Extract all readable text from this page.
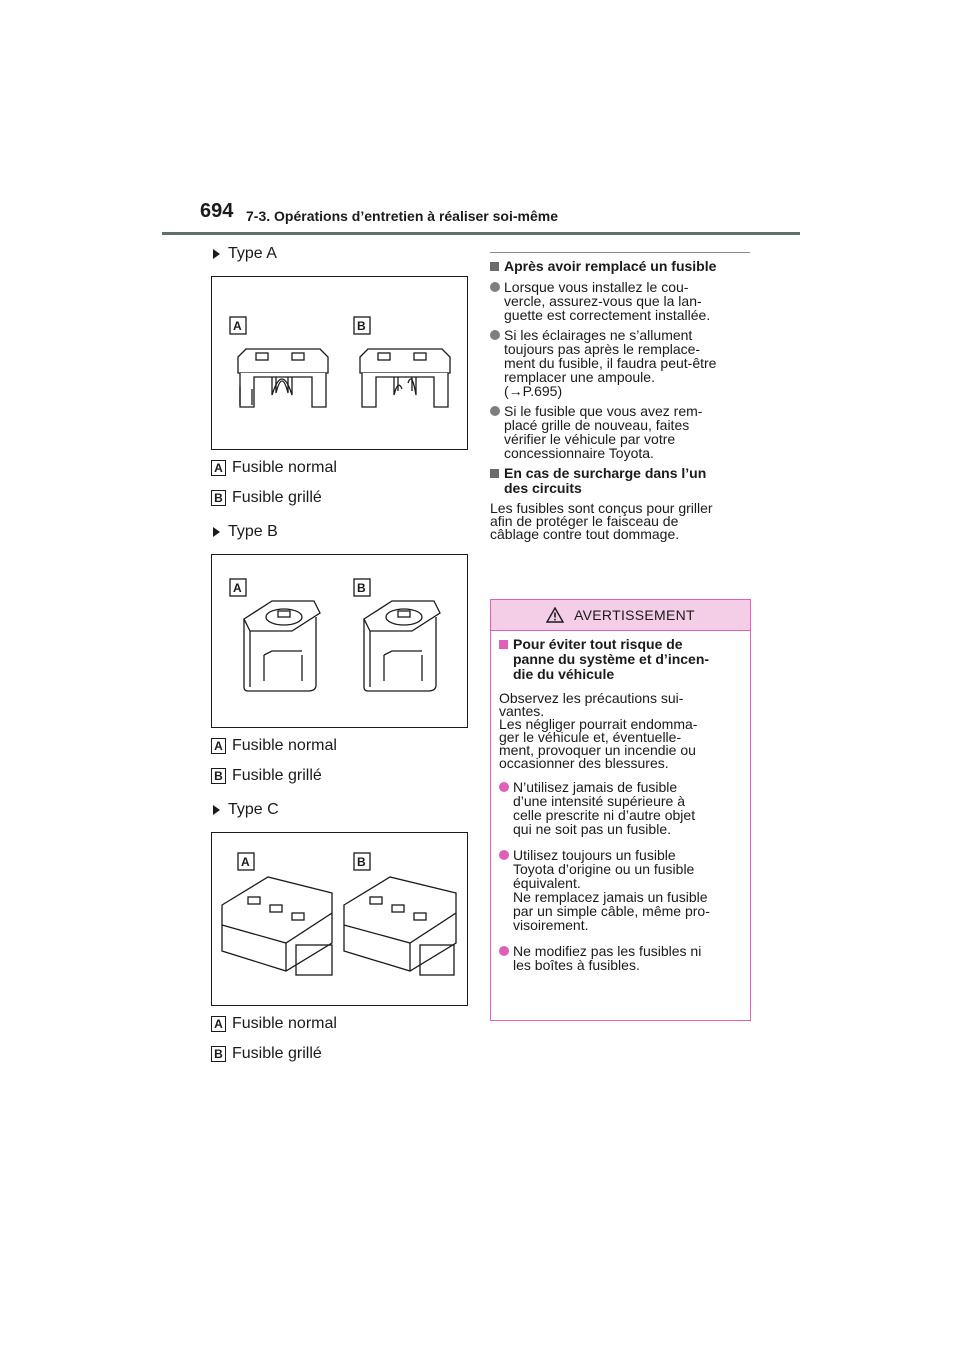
694 7-3. Opérations d’entretien à réaliser soi-même
Type A
A	B
A Fusible normal
B Fusible grillé
Type B
A	B
A Fusible normal
B Fusible grillé
Type C
A	B
A Fusible normal
B Fusible grillé
Après avoir remplacé un fusible
Lorsque vous installez le cou-
vercle, assurez-vous que la lan-
guette est correctement installée.
Si les éclairages ne s’allument
toujours pas après le remplace-
ment du fusible, il faudra peut-être
remplacer une ampoule.
(→P.695)
Si le fusible que vous avez rem-
placé grille de nouveau, faites
vérifier le véhicule par votre
concessionnaire Toyota.
En cas de surcharge dans l’un
des circuits
Les fusibles sont conçus pour griller
afin de protéger le faisceau de
câblage contre tout dommage.
AVERTISSEMENT
Pour éviter tout risque de
panne du système et d’incen-
die du véhicule
Observez les précautions sui-
vantes.
Les négliger pourrait endomma-
ger le véhicule et, éventuelle-
ment, provoquer un incendie ou
occasionner des blessures.
N’utilisez jamais de fusible
d’une intensité supérieure à
celle prescrite ni d’autre objet
qui ne soit pas un fusible.
Utilisez toujours un fusible
Toyota d’origine ou un fusible
équivalent.
Ne remplacez jamais un fusible
par un simple câble, même pro-
visoirement.
Ne modifiez pas les fusibles ni
les boîtes à fusibles.
